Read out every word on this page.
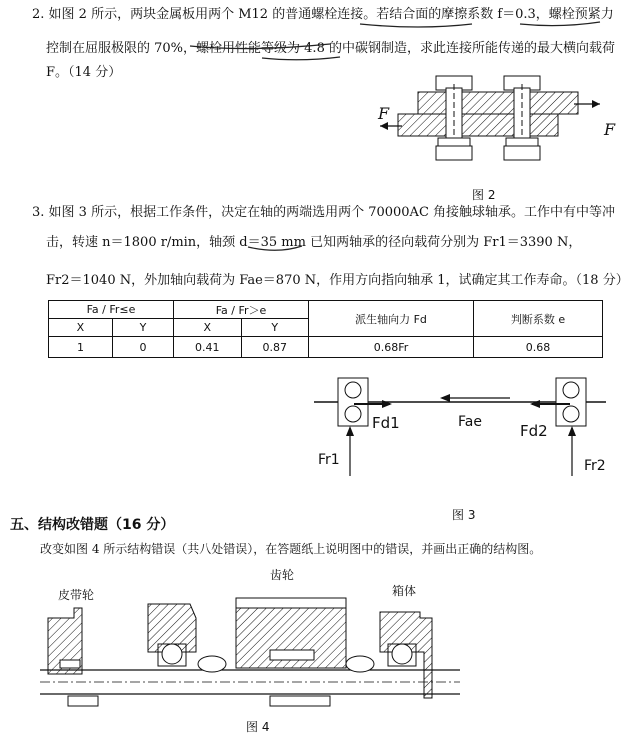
2. 如图 2 所示，两块金属板用两个 M12 的普通螺栓连接。若结合面的摩擦系数 f＝0.3，螺栓预紧力
控制在屈服极限的 70%，螺栓用性能等级为 4.8 的中碳钢制造，求此连接所能传递的最大横向载荷
F。（14 分）
F
F
图 2
3. 如图 3 所示，根据工作条件，决定在轴的两端选用两个 70000AC 角接触球轴承。工作中有中等冲
击，转速 n＝1800 r/min，轴颈 d＝35 mm 已知两轴承的径向载荷分别为 Fr1＝3390 N，
Fr2＝1040 N，外加轴向载荷为 Fae＝870 N，作用方向指向轴承 1，试确定其工作寿命。（18 分）
Fa / Fr≤e		Fa / Fr＞e		派生轴向力 Fd	判断系数 e
X	Y	X	Y		
1	0	0.41	0.87	0.68Fr	0.68
Fd1	Fae	Fd2
Fr1	Fr2
图 3
五、结构改错题（16 分）
改变如图 4 所示结构错误（共八处错误），在答题纸上说明图中的错误，并画出正确的结构图。
皮带轮
齿轮
箱体
图 4
